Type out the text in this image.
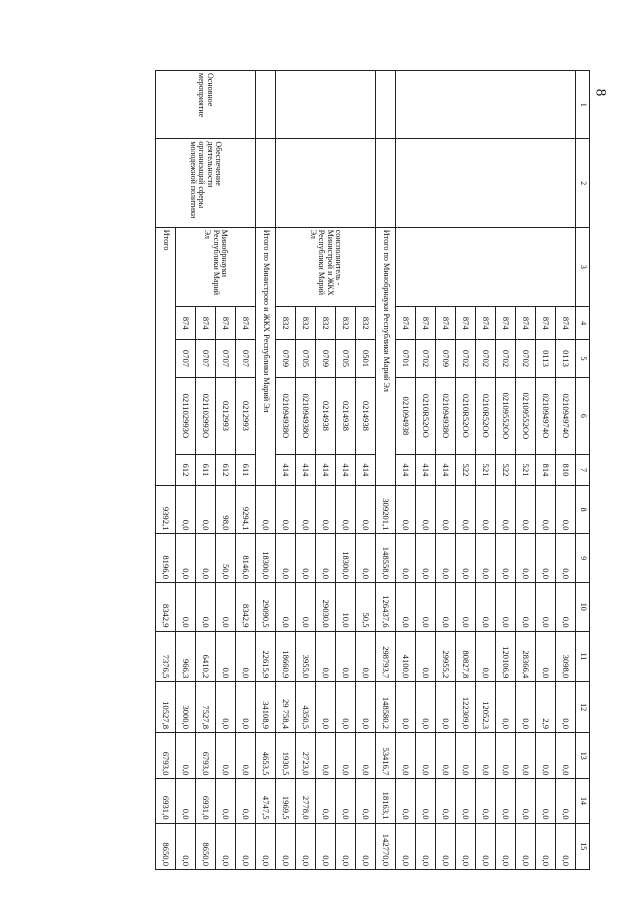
8
1	2	3	4	5	6	7	8	9	10	11	12	13	14	15
			874	0113	021094974О	810	0,0	0,0	0,0	3098,0	0,0	0,0	0,0	0,0
			874	0113	021094974О	814	0,0	0,0	0,0	0,0	2,9	0,0	0,0	0,0
			874	0702	02109552ОО	521	0,0	0,0	0,0	28366,4	0,0	0,0	0,0	0,0
			874	0702	02109552ОО	522	0,0	0,0	0,0	120106,9	0,0	0,0	0,0	0,0
			874	0702	0210R52ОО	521	0,0	0,0	0,0	0,0	12052,3	0,0	0,0	0,0
			874	0702	0210R52ОО	522	0,0	0,0	0,0	80827,8	122309,0	0,0	0,0	0,0
			874	0709	021094938О	414	0,0	0,0	0,0	29955,2	0,0	0,0	0,0	0,0
			874	0702	0210R52ОО	414	0,0	0,0	0,0	0,0	0,0	0,0	0,0	0,0
			874	0701	0210949З8	414	0,0	0,0	0,0	4100,0	0,0	0,0	0,0	0,0
		Итого по Минобрнауки Республики Марий Эл					309201,1	148558,0	126437,6	298793,7	148580,2	53416,7	18163,1	142770,0
		соисполнитель - Министрой и ЖКХ Республики Марий Эл	832	0501	0214938	414	0,0	0,0	50,5	0,0	0,0	0,0	0,0	0,0
			832	0705	0214938	414	0,0	18300,0	10,0	0,0	0,0	0,0	0,0	0,0
			832	0709	0214938	414	0,0	0,0	29030,0	0,0	0,0	0,0	0,0	0,0
			832	0705	021094938О	414	0,0	0,0	0,0	3955,0	4350,5	2723,0	2778,0	0,0
			832	0709	021094938О	414	0,0	0,0	0,0	18660,9	29 758,4	1930,5	1969,5	0,0
		Итого по Министрою и ЖКХ Республики Марий Эл					0,0	18300,0	29090,5	22615,9	34108,9	4653,5	4747,5	0,0
Основное мероприятие	Обеспечение деятельности организаций сферы молодежной политики	Минобрнауки Республики Марий Эл	874	0707	0212993	611	9294,1	8146,0	8342,9	0,0	0,0	0,0	0,0	0,0
			874	0707	0212993	612	98,0	50,0	0,0	0,0	0,0	0,0	0,0	0,0
			874	0707	021102993О	611	0,0	0,0	0,0	6410,2	7527,8	6793,0	6931,0	8650,0
			874	0707	021102993О	612	0,0	0,0	0,0	966,3	3000,0	0,0	0,0	0,0
		Итого					9392,1	8196,0	8342,9	7376,5	10527,8	6793,0	6931,0	8650,0
